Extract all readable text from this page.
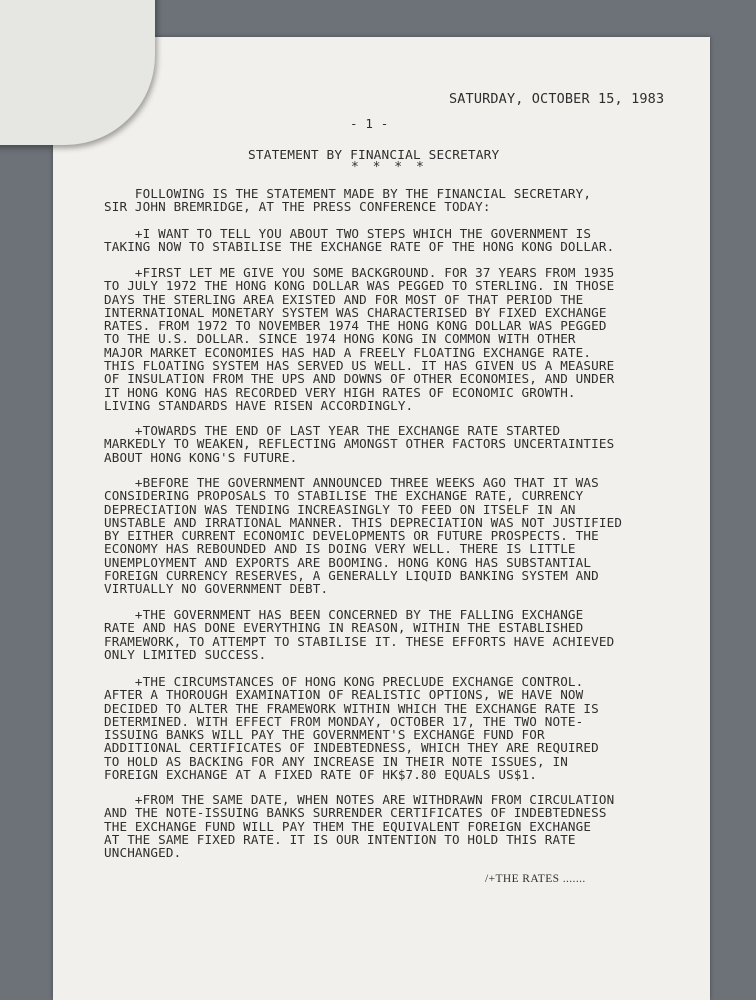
SATURDAY, OCTOBER 15, 1983
- 1 -
STATEMENT BY FINANCIAL SECRETARY
* * * *
FOLLOWING IS THE STATEMENT MADE BY THE FINANCIAL SECRETARY,
SIR JOHN BREMRIDGE, AT THE PRESS CONFERENCE TODAY:
+I WANT TO TELL YOU ABOUT TWO STEPS WHICH THE GOVERNMENT IS
TAKING NOW TO STABILISE THE EXCHANGE RATE OF THE HONG KONG DOLLAR.
+FIRST LET ME GIVE YOU SOME BACKGROUND. FOR 37 YEARS FROM 1935
TO JULY 1972 THE HONG KONG DOLLAR WAS PEGGED TO STERLING. IN THOSE
DAYS THE STERLING AREA EXISTED AND FOR MOST OF THAT PERIOD THE
INTERNATIONAL MONETARY SYSTEM WAS CHARACTERISED BY FIXED EXCHANGE
RATES. FROM 1972 TO NOVEMBER 1974 THE HONG KONG DOLLAR WAS PEGGED
TO THE U.S. DOLLAR. SINCE 1974 HONG KONG IN COMMON WITH OTHER
MAJOR MARKET ECONOMIES HAS HAD A FREELY FLOATING EXCHANGE RATE.
THIS FLOATING SYSTEM HAS SERVED US WELL. IT HAS GIVEN US A MEASURE
OF INSULATION FROM THE UPS AND DOWNS OF OTHER ECONOMIES, AND UNDER
IT HONG KONG HAS RECORDED VERY HIGH RATES OF ECONOMIC GROWTH.
LIVING STANDARDS HAVE RISEN ACCORDINGLY.
+TOWARDS THE END OF LAST YEAR THE EXCHANGE RATE STARTED
MARKEDLY TO WEAKEN, REFLECTING AMONGST OTHER FACTORS UNCERTAINTIES
ABOUT HONG KONG'S FUTURE.
+BEFORE THE GOVERNMENT ANNOUNCED THREE WEEKS AGO THAT IT WAS
CONSIDERING PROPOSALS TO STABILISE THE EXCHANGE RATE, CURRENCY
DEPRECIATION WAS TENDING INCREASINGLY TO FEED ON ITSELF IN AN
UNSTABLE AND IRRATIONAL MANNER. THIS DEPRECIATION WAS NOT JUSTIFIED
BY EITHER CURRENT ECONOMIC DEVELOPMENTS OR FUTURE PROSPECTS. THE
ECONOMY HAS REBOUNDED AND IS DOING VERY WELL. THERE IS LITTLE
UNEMPLOYMENT AND EXPORTS ARE BOOMING. HONG KONG HAS SUBSTANTIAL
FOREIGN CURRENCY RESERVES, A GENERALLY LIQUID BANKING SYSTEM AND
VIRTUALLY NO GOVERNMENT DEBT.
+THE GOVERNMENT HAS BEEN CONCERNED BY THE FALLING EXCHANGE
RATE AND HAS DONE EVERYTHING IN REASON, WITHIN THE ESTABLISHED
FRAMEWORK, TO ATTEMPT TO STABILISE IT. THESE EFFORTS HAVE ACHIEVED
ONLY LIMITED SUCCESS.
+THE CIRCUMSTANCES OF HONG KONG PRECLUDE EXCHANGE CONTROL.
AFTER A THOROUGH EXAMINATION OF REALISTIC OPTIONS, WE HAVE NOW
DECIDED TO ALTER THE FRAMEWORK WITHIN WHICH THE EXCHANGE RATE IS
DETERMINED. WITH EFFECT FROM MONDAY, OCTOBER 17, THE TWO NOTE-
ISSUING BANKS WILL PAY THE GOVERNMENT'S EXCHANGE FUND FOR
ADDITIONAL CERTIFICATES OF INDEBTEDNESS, WHICH THEY ARE REQUIRED
TO HOLD AS BACKING FOR ANY INCREASE IN THEIR NOTE ISSUES, IN
FOREIGN EXCHANGE AT A FIXED RATE OF HK$7.80 EQUALS US$1.
+FROM THE SAME DATE, WHEN NOTES ARE WITHDRAWN FROM CIRCULATION
AND THE NOTE-ISSUING BANKS SURRENDER CERTIFICATES OF INDEBTEDNESS
THE EXCHANGE FUND WILL PAY THEM THE EQUIVALENT FOREIGN EXCHANGE
AT THE SAME FIXED RATE. IT IS OUR INTENTION TO HOLD THIS RATE
UNCHANGED.
/+THE RATES .......
